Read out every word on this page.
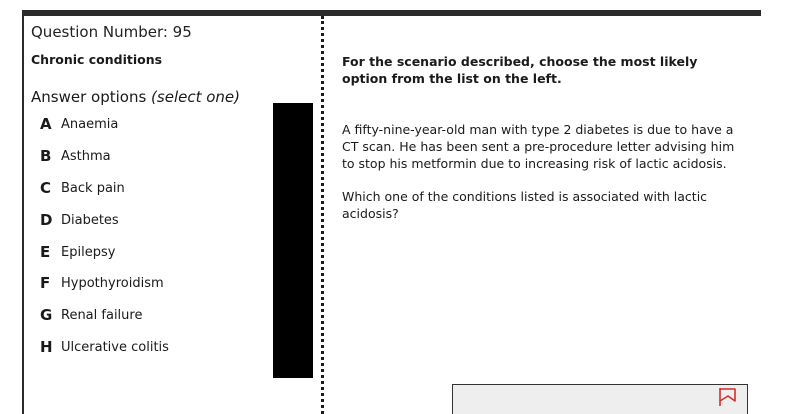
Question Number: 95
Chronic conditions
Answer options (select one)
A Anaemia
B Asthma
C Back pain
D Diabetes
E Epilepsy
F Hypothyroidism
G Renal failure
H Ulcerative colitis
For the scenario described, choose the most likely option from the list on the left.
A fifty-nine-year-old man with type 2 diabetes is due to have a CT scan. He has been sent a pre-procedure letter advising him to stop his metformin due to increasing risk of lactic acidosis.
Which one of the conditions listed is associated with lactic acidosis?
